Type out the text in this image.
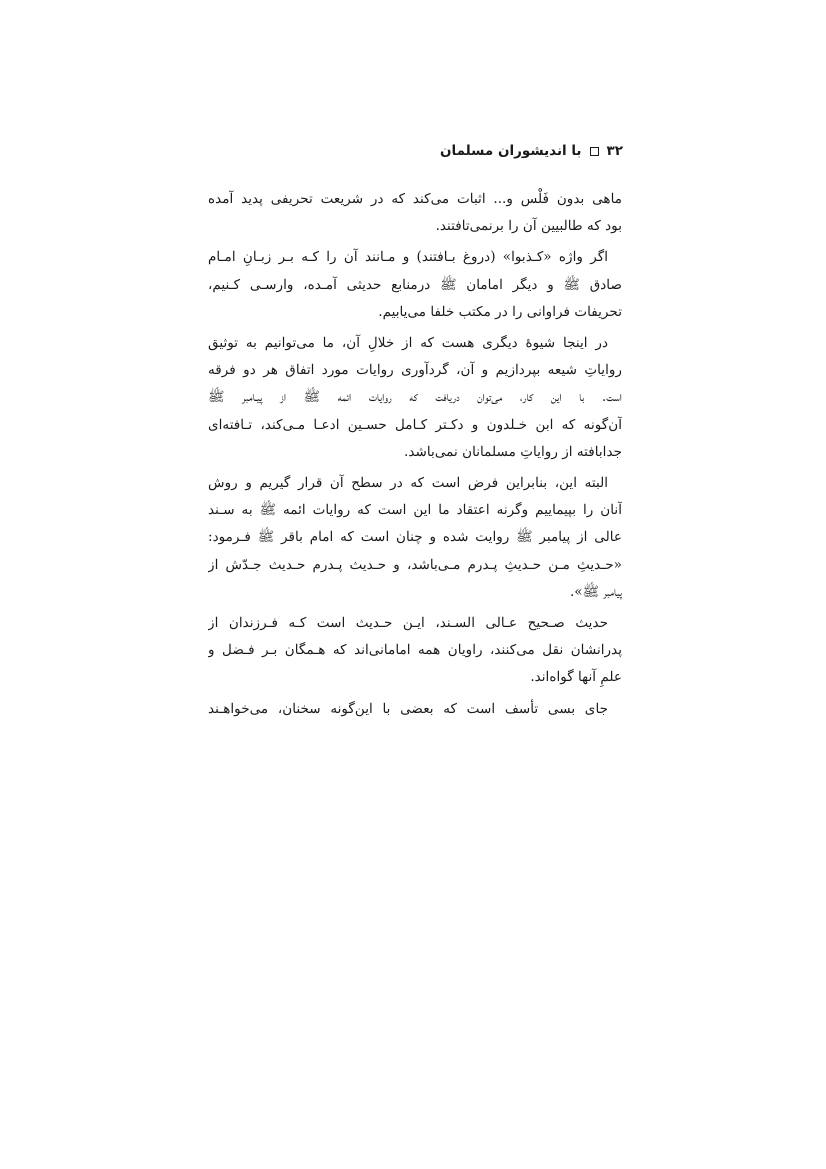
۳۲
با اندیشوران مسلمان
ماهی بدون فَلْس و... اثبات می‌کند که در شریعت تحریفی پدید آمده
بود که طالبیین آن را برنمی‌تافتند.
اگر واژه «کـذبوا» (دروغ بـافتند) و مـانند آن را کـه بـر زبـانِ امـام
صادق ﷺ و دیگر امامان ﷺ درمنابع حدیثی آمـده، وارسـی کـنیم،
تحریفات فراوانی را در مکتب خلفا می‌یابیم.
در اینجا شیوهٔ دیگری هست که از خلالِ آن، ما می‌توانیم به توثیق
روایاتِ شیعه بپردازیم و آن، گردآوری روایات مورد اتفاق هر دو فرقه
است. با این کار، می‌توان دریافت که روایات ائمه ﷺ از پیـامبر ﷺ
آن‌گونه که ابن خـلدون و دکـتر کـامل حسـین ادعـا مـی‌کند، تـافته‌ای
جدابافته از روایاتِ مسلمانان نمی‌باشد.
البته این، بنابراین فرض است که در سطح آن قرار گیریم و روش
آنان را بپیماییم وگرنه اعتقاد ما این است که روایات ائمه ﷺ به سـند
عالی از پیامبر ﷺ روایت شده و چنان است که امام باقر ﷺ فـرمود:
«حـدیثِ مـن حـدیثِ پـدرم مـی‌باشد، و حـدیث پـدرم حـدیث جـدّش از
پیامبر ﷺ».
حدیث صـحیح عـالی السـند، ایـن حـدیث است کـه فـرزندان از
پدرانشان نقل می‌کنند، راویان همه امامانی‌اند که هـمگان بـر فـضل و
علمِ آنها گواه‌اند.
جای بسی تأسف است که بعضی با این‌گونه سخنان، می‌خواهـند
